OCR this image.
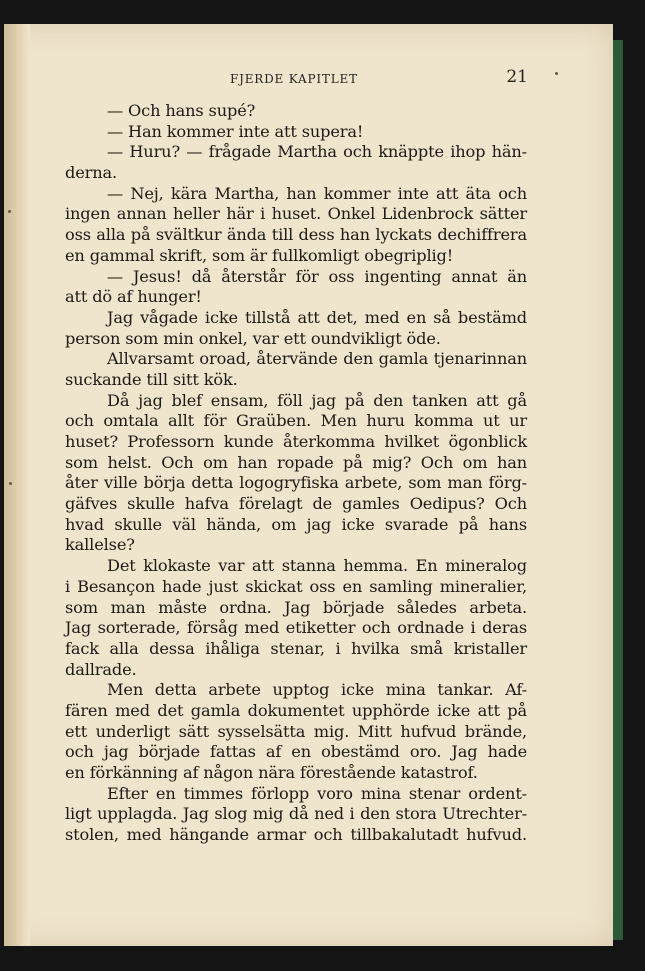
FJERDE KAPITLET	21
— Och hans supé?
— Han kommer inte att supera!
— Huru? — frågade Martha och knäppte ihop hän-
derna.
— Nej, kära Martha, han kommer inte att äta och
ingen annan heller här i huset. Onkel Lidenbrock sätter
oss alla på svältkur ända till dess han lyckats dechiffrera
en gammal skrift, som är fullkomligt obegriplig!
— Jesus! då återstår för oss ingenting annat än
att dö af hunger!
Jag vågade icke tillstå att det, med en så bestämd
person som min onkel, var ett oundvikligt öde.
Allvarsamt oroad, återvände den gamla tjenarinnan
suckande till sitt kök.
Då jag blef ensam, föll jag på den tanken att gå
och omtala allt för Graüben. Men huru komma ut ur
huset? Professorn kunde återkomma hvilket ögonblick
som helst. Och om han ropade på mig? Och om han
åter ville börja detta logogryfiska arbete, som man förg-
gäfves skulle hafva förelagt de gamles Oedipus? Och
hvad skulle väl hända, om jag icke svarade på hans
kallelse?
Det klokaste var att stanna hemma. En mineralog
i Besançon hade just skickat oss en samling mineralier,
som man måste ordna. Jag började således arbeta.
Jag sorterade, försåg med etiketter och ordnade i deras
fack alla dessa ihåliga stenar, i hvilka små kristaller
dallrade.
Men detta arbete upptog icke mina tankar. Af-
fären med det gamla dokumentet upphörde icke att på
ett underligt sätt sysselsätta mig. Mitt hufvud brände,
och jag började fattas af en obestämd oro. Jag hade
en förkänning af någon nära förestående katastrof.
Efter en timmes förlopp voro mina stenar ordent-
ligt upplagda. Jag slog mig då ned i den stora Utrechter-
stolen, med hängande armar och tillbakalutadt hufvud.
